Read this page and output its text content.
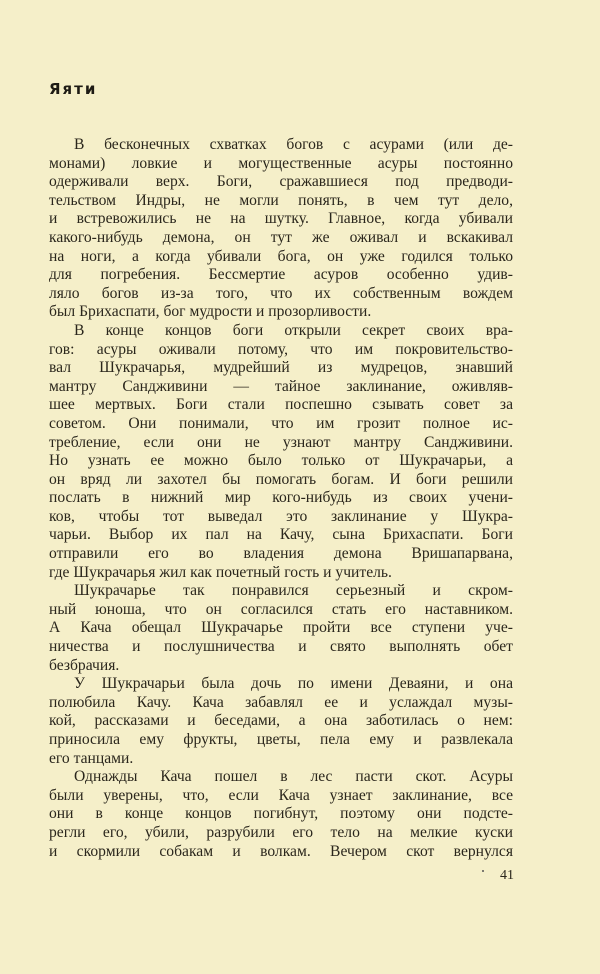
Яяти
В бесконечных схватках богов с асурами (или де-
монами) ловкие и могущественные асуры постоянно
одерживали верх. Боги, сражавшиеся под предводи-
тельством Индры, не могли понять, в чем тут дело,
и встревожились не на шутку. Главное, когда убивали
какого-нибудь демона, он тут же оживал и вскакивал
на ноги, а когда убивали бога, он уже годился только
для погребения. Бессмертие асуров особенно удив-
ляло богов из-за того, что их собственным вождем
был Брихаспати, бог мудрости и прозорливости.
В конце концов боги открыли секрет своих вра-
гов: асуры оживали потому, что им покровительство-
вал Шукрачарья, мудрейший из мудрецов, знавший
мантру Сандживини — тайное заклинание, оживляв-
шее мертвых. Боги стали поспешно сзывать совет за
советом. Они понимали, что им грозит полное ис-
требление, если они не узнают мантру Сандживини.
Но узнать ее можно было только от Шукрачарьи, а
он вряд ли захотел бы помогать богам. И боги решили
послать в нижний мир кого-нибудь из своих учени-
ков, чтобы тот выведал это заклинание у Шукра-
чарьи. Выбор их пал на Качу, сына Брихаспати. Боги
отправили его во владения демона Вришапарвана,
где Шукрачарья жил как почетный гость и учитель.
Шукрачарье так понравился серьезный и скром-
ный юноша, что он согласился стать его наставником.
А Кача обещал Шукрачарье пройти все ступени уче-
ничества и послушничества и свято выполнять обет
безбрачия.
У Шукрачарьи была дочь по имени Деваяни, и она
полюбила Качу. Кача забавлял ее и услаждал музы-
кой, рассказами и беседами, а она заботилась о нем:
приносила ему фрукты, цветы, пела ему и развлекала
его танцами.
Однажды Кача пошел в лес пасти скот. Асуры
были уверены, что, если Кача узнает заклинание, все
они в конце концов погибнут, поэтому они подсте-
регли его, убили, разрубили его тело на мелкие куски
и скормили собакам и волкам. Вечером скот вернулся
41
